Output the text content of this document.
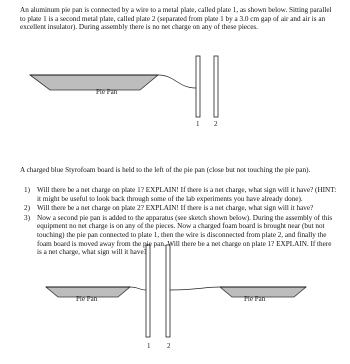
An aluminum pie pan is connected by a wire to a metal plate, called plate 1, as shown below. Sitting parallel to plate 1 is a second metal plate, called plate 2 (separated from plate 1 by a 3.0 cm gap of air and air is an excellent insulator). During assembly there is no net charge on any of these pieces.

Pie Pan
1 2
Pie Pan
1 2
Pie Pan

A charged blue Styrofoam board is held to the left of the pie pan (close but not touching the pie pan).

1) Will there be a net charge on plate 1? EXPLAIN! If there is a net charge, what sign will it have? (HINT: it might be useful to look back through some of the lab experiments you have already done).
2) Will there be a net charge on plate 2? EXPLAIN! If there is a net charge, what sign will it have?
3) Now a second pie pan is added to the apparatus (see sketch shown below). During the assembly of this equipment no net charge is on any of the pieces. Now a charged foam board is brought near (but not touching) the pie pan connected to plate 1, then the wire is disconnected from plate 2, and finally the foam board is moved away from the pie pan. Will there be a net charge on plate 1? EXPLAIN. If there is a net charge, what sign will it have?
